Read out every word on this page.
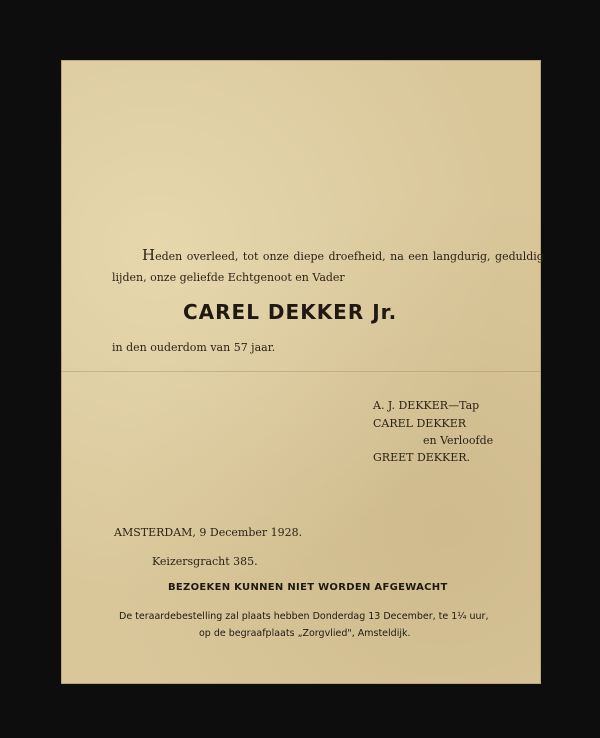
Heden overleed, tot onze diepe droefheid, na een langdurig, geduldig
lijden, onze geliefde Echtgenoot en Vader
CAREL DEKKER Jr.
in den ouderdom van 57 jaar.
A. J. DEKKER—Tap
CAREL DEKKER
en Verloofde
GREET DEKKER.
AMSTERDAM, 9 December 1928.
Keizersgracht 385.
BEZOEKEN KUNNEN NIET WORDEN AFGEWACHT
De teraardebestelling zal plaats hebben Donderdag 13 December, te 1¼ uur,
op de begraafplaats „Zorgvlied", Amsteldijk.
